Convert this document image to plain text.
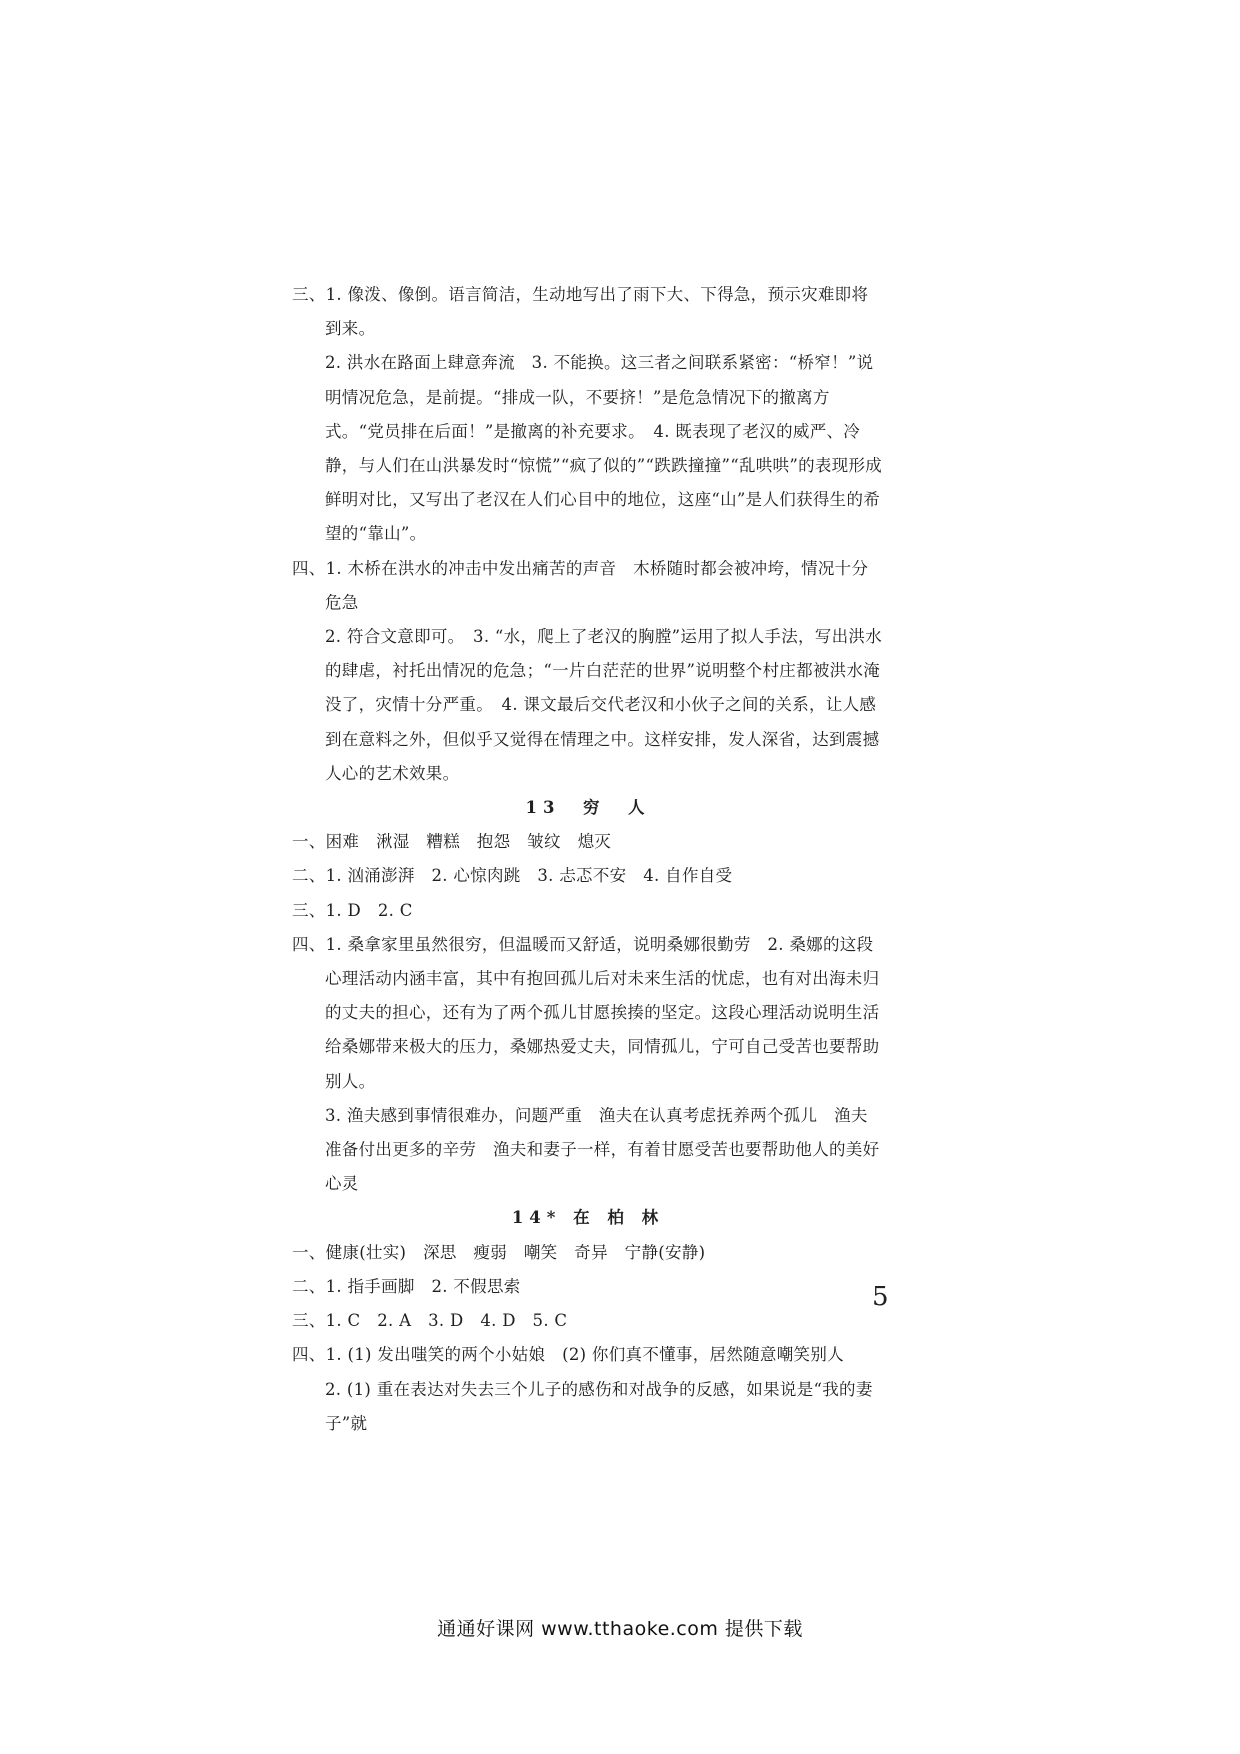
三、1. 像泼、像倒。语言简洁，生动地写出了雨下大、下得急，预示灾难即将到来。

2. 洪水在路面上肆意奔流　3. 不能换。这三者之间联系紧密：“桥窄！”说明情况危急，是前提。“排成一队，不要挤！”是危急情况下的撤离方式。“党员排在后面！”是撤离的补充要求。　4. 既表现了老汉的威严、冷静，与人们在山洪暴发时“惊慌”“疯了似的”“跌跌撞撞”“乱哄哄”的表现形成鲜明对比，又写出了老汉在人们心目中的地位，这座“山”是人们获得生的希望的“靠山”。

四、1. 木桥在洪水的冲击中发出痛苦的声音　木桥随时都会被冲垮，情况十分危急

2. 符合文意即可。　3. “水，爬上了老汉的胸膛”运用了拟人手法，写出洪水的肆虐，衬托出情况的危急；“一片白茫茫的世界”说明整个村庄都被洪水淹没了，灾情十分严重。　4. 课文最后交代老汉和小伙子之间的关系，让人感到在意料之外，但似乎又觉得在情理之中。这样安排，发人深省，达到震撼人心的艺术效果。

13　穷　人

一、困难　湫湿　糟糕　抱怨　皱纹　熄灭

二、1. 汹涌澎湃　2. 心惊肉跳　3. 忐忑不安　4. 自作自受

三、1. D　2. C

四、1. 桑拿家里虽然很穷，但温暖而又舒适，说明桑娜很勤劳　2. 桑娜的这段心理活动内涵丰富，其中有抱回孤儿后对未来生活的忧虑，也有对出海未归的丈夫的担心，还有为了两个孤儿甘愿挨揍的坚定。这段心理活动说明生活给桑娜带来极大的压力，桑娜热爱丈夫，同情孤儿，宁可自己受苦也要帮助别人。

3. 渔夫感到事情很难办，问题严重　渔夫在认真考虑抚养两个孤儿　渔夫准备付出更多的辛劳　渔夫和妻子一样，有着甘愿受苦也要帮助他人的美好心灵

14* 在 柏 林

一、健康(壮实)　深思　瘦弱　嘲笑　奇异　宁静(安静)

二、1. 指手画脚　2. 不假思索

三、1. C　2. A　3. D　4. D　5. C

四、1. (1) 发出嗤笑的两个小姑娘　(2) 你们真不懂事，居然随意嘲笑别人

2. (1) 重在表达对失去三个儿子的感伤和对战争的反感，如果说是“我的妻子”就

5
通通好课网 www.tthaoke.com 提供下载
